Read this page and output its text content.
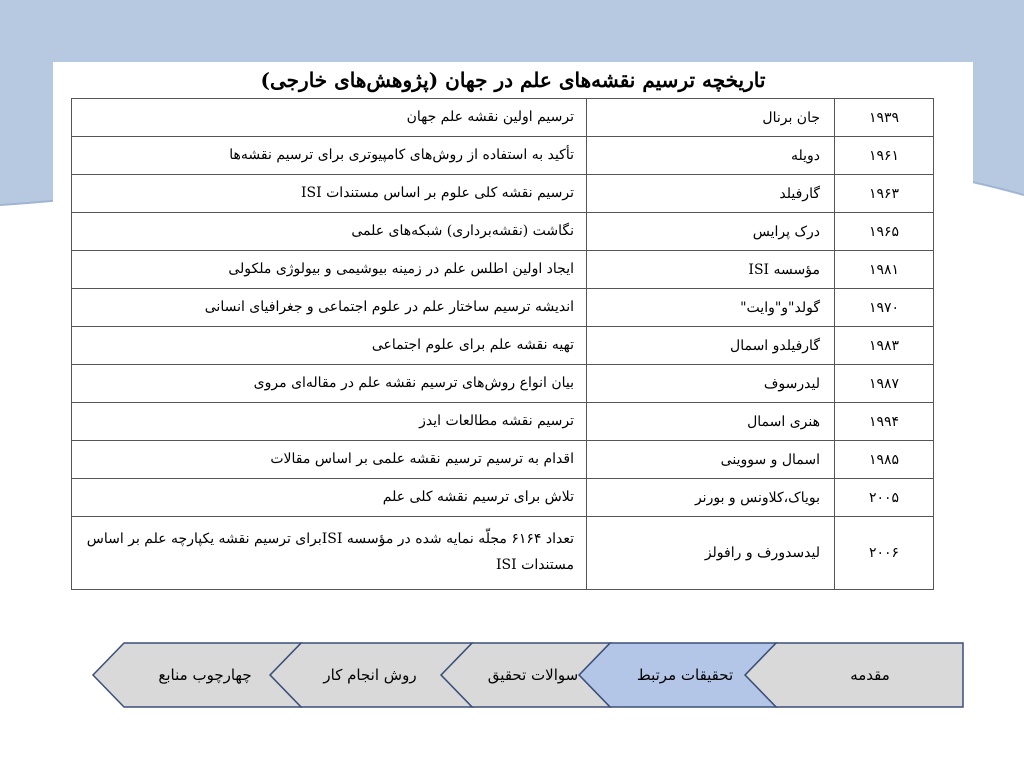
تاریخچه ترسیم نقشه‌های علم در جهان (پژوهش‌های خارجی)
۱۹۳۹	جان برنال	ترسیم اولین نقشه علم جهان
۱۹۶۱	دویله	تأکید به استفاده از روش‌های کامپیوتری برای ترسیم نقشه‌ها
۱۹۶۳	گارفیلد	ترسیم نقشه کلی علوم بر اساس مستندات ISI
۱۹۶۵	درک پرایس	نگاشت (نقشه‌برداری) شبکه‌های علمی
۱۹۸۱	مؤسسه ISI	ایجاد اولین اطلس علم در زمینه بیوشیمی و بیولوژی ملکولی
۱۹۷۰	گولد"و"وایت"	اندیشه ترسیم ساختار علم در علوم اجتماعی و جغرافیای انسانی
۱۹۸۳	گارفیلدو اسمال	تهیه نقشه علم برای علوم اجتماعی
۱۹۸۷	لیدرسوف	بیان انواع روش‌های ترسیم نقشه علم در مقاله‌ای مروی
۱۹۹۴	هنری اسمال	ترسیم نقشه مطالعات ایدز
۱۹۸۵	اسمال و سووینی	اقدام به ترسیم ترسیم نقشه علمی بر اساس مقالات
۲۰۰۵	بویاک،کلاونس و بورنر	تلاش برای ترسیم نقشه کلی علم
۲۰۰۶	لیدسدورف و رافولز	تعداد ۶۱۶۴ مجلّه نمایه شده در مؤسسه ISIبرای ترسیم نقشه یکپارچه علم بر اساس مستندات ISI
مقدمه
تحقیقات مرتبط
سوالات تحقیق
روش انجام کار
چهارچوب منابع
